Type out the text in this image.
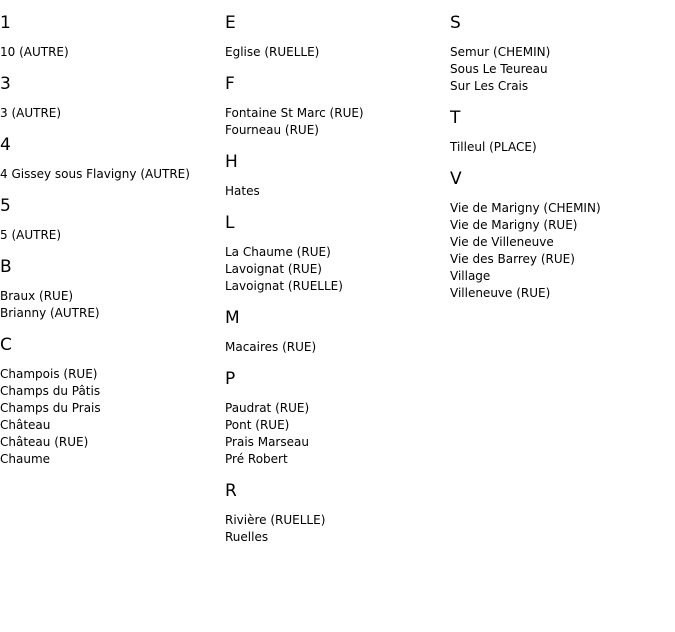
1
10 (AUTRE)
3
3 (AUTRE)
4
4 Gissey sous Flavigny (AUTRE)
5
5 (AUTRE)
B
Braux (RUE)
Brianny (AUTRE)
C
Champois (RUE)
Champs du Pâtis
Champs du Prais
Château
Château (RUE)
Chaume
E
Eglise (RUELLE)
F
Fontaine St Marc (RUE)
Fourneau (RUE)
H
Hates
L
La Chaume (RUE)
Lavoignat (RUE)
Lavoignat (RUELLE)
M
Macaires (RUE)
P
Paudrat (RUE)
Pont (RUE)
Prais Marseau
Pré Robert
R
Rivière (RUELLE)
Ruelles
S
Semur (CHEMIN)
Sous Le Teureau
Sur Les Crais
T
Tilleul (PLACE)
V
Vie de Marigny (CHEMIN)
Vie de Marigny (RUE)
Vie de Villeneuve
Vie des Barrey (RUE)
Village
Villeneuve (RUE)
